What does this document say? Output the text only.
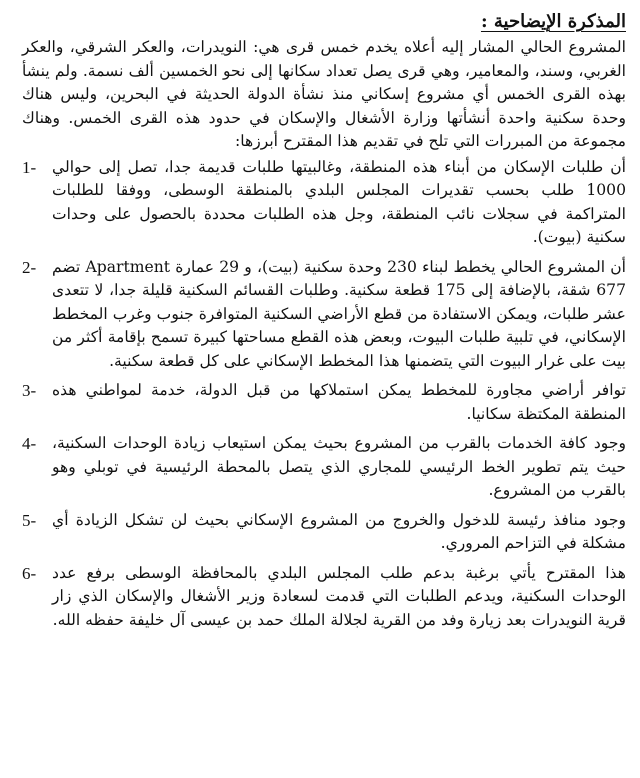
المذكرة الإيضاحية :

المشروع الحالي المشار إليه أعلاه يخدم خمس قرى هي: النويدرات، والعكر الشرقي، والعكر الغربي، وسند، والمعامير، وهي قرى يصل تعداد سكانها إلى نحو الخمسين ألف نسمة. ولم ينشأ بهذه القرى الخمس أي مشروع إسكاني منذ نشأة الدولة الحديثة في البحرين، وليس هناك وحدة سكنية واحدة أنشأتها وزارة الأشغال والإسكان في حدود هذه القرى الخمس. وهناك مجموعة من المبررات التي تلح في تقديم هذا المقترح أبرزها:

1-	أن طلبات الإسكان من أبناء هذه المنطقة، وغالبيتها طلبات قديمة جدا، تصل إلى حوالي 1000 طلب بحسب تقديرات المجلس البلدي بالمنطقة الوسطى، ووفقا للطلبات المتراكمة في سجلات نائب المنطقة، وجل هذه الطلبات محددة بالحصول على وحدات سكنية (بيوت).

2-	أن المشروع الحالي يخطط لبناء 230 وحدة سكنية (بيت)، و 29 عمارة Apartment تضم 677 شقة، بالإضافة إلى 175 قطعة سكنية. وطلبات القسائم السكنية قليلة جدا، لا تتعدى عشر طلبات، ويمكن الاستفادة من قطع الأراضي السكنية المتوافرة جنوب وغرب المخطط الإسكاني، في تلبية طلبات البيوت، وبعض هذه القطع مساحتها كبيرة تسمح بإقامة أكثر من بيت على غرار البيوت التي يتضمنها هذا المخطط الإسكاني على كل قطعة سكنية.

3-	توافر أراضي مجاورة للمخطط يمكن استملاكها من قبل الدولة، خدمة لمواطني هذه المنطقة المكتظة سكانيا.

4-	وجود كافة الخدمات بالقرب من المشروع بحيث يمكن استيعاب زيادة الوحدات السكنية، حيث يتم تطوير الخط الرئيسي للمجاري الذي يتصل بالمحطة الرئيسية في توبلي وهو بالقرب من المشروع.

5-	وجود منافذ رئيسة للدخول والخروج من المشروع الإسكاني بحيث لن تشكل الزيادة أي مشكلة في التزاحم المروري.

6-	هذا المقترح يأتي برغبة بدعم طلب المجلس البلدي بالمحافظة الوسطى برفع عدد الوحدات السكنية، ويدعم الطلبات التي قدمت لسعادة وزير الأشغال والإسكان الذي زار قرية النويدرات بعد زيارة وفد من القرية لجلالة الملك حمد بن عيسى آل خليفة حفظه الله.
